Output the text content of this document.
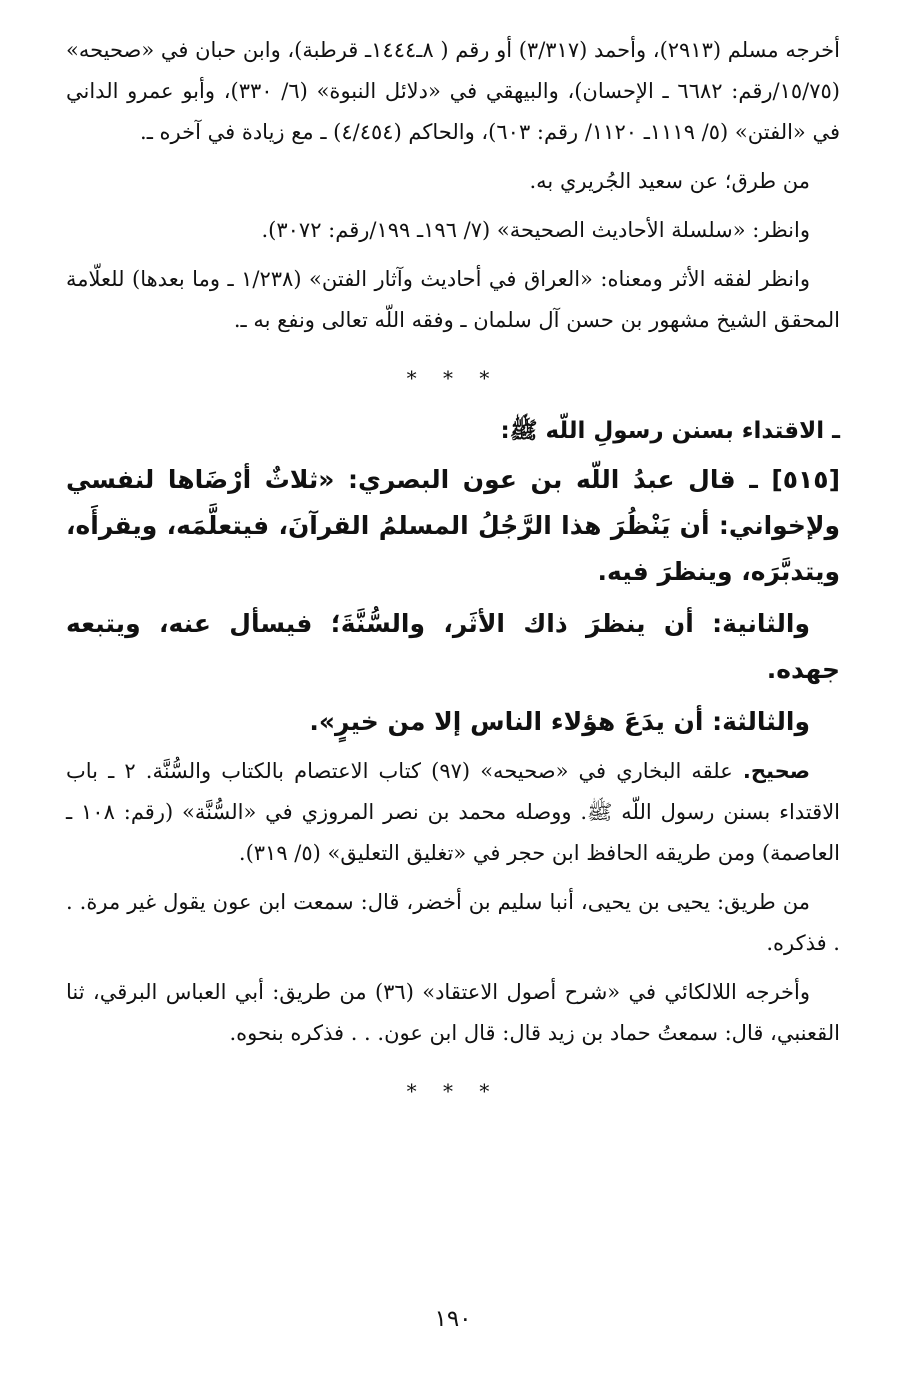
أخرجه مسلم (٢٩١٣)، وأحمد (٣/٣١٧) أو رقم ( ٨ـ١٤٤٤ـ قرطبة)، وابن حبان في «صحيحه» (١٥/٧٥/رقم: ٦٦٨٢ ـ الإحسان)، والبيهقي في «دلائل النبوة» (٦/ ٣٣٠)، وأبو عمرو الداني في «الفتن» (٥/ ١١١٩ـ ١١٢٠/ رقم: ٦٠٣)، والحاكم (٤/٤٥٤) ـ مع زيادة في آخره ـ.

من طرق؛ عن سعيد الجُريري به.

وانظر: «سلسلة الأحاديث الصحيحة» (٧/ ١٩٦ـ ١٩٩/رقم: ٣٠٧٢).

وانظر لفقه الأثر ومعناه: «العراق في أحاديث وآثار الفتن» (١/٢٣٨ ـ وما بعدها) للعلّامة المحقق الشيخ مشهور بن حسن آل سلمان ـ وفقه اللّه تعالى ونفع به ـ.

* * *

ـ الاقتداء بسنن رسولِ اللّه ﷺ:

[٥١٥] ـ قال عبدُ اللّه بن عون البصري: «ثلاثٌ أرْضَاها لنفسي ولإخواني: أن يَنْظُرَ هذا الرَّجُلُ المسلمُ القرآنَ، فيتعلَّمَه، ويقرأَه، ويتدبَّرَه، وينظرَ فيه.

والثانية: أن ينظرَ ذاك الأثَر، والسُّنَّةَ؛ فيسأل عنه، ويتبعه جهده.

والثالثة: أن يدَعَ هؤلاء الناس إلا من خيرٍ».

صحيح. علقه البخاري في «صحيحه» (٩٧) كتاب الاعتصام بالكتاب والسُّنَّة. ٢ ـ باب الاقتداء بسنن رسول اللّه ﷺ. ووصله محمد بن نصر المروزي في «السُّنَّة» (رقم: ١٠٨ ـ العاصمة) ومن طريقه الحافظ ابن حجر في «تغليق التعليق» (٥/ ٣١٩).

من طريق: يحيى بن يحيى، أنبا سليم بن أخضر، قال: سمعت ابن عون يقول غير مرة. . . فذكره.

وأخرجه اللالكائي في «شرح أصول الاعتقاد» (٣٦) من طريق: أبي العباس البرقي، ثنا القعنبي، قال: سمعتُ حماد بن زيد قال: قال ابن عون. . . فذكره بنحوه.

* * *
١٩٠
